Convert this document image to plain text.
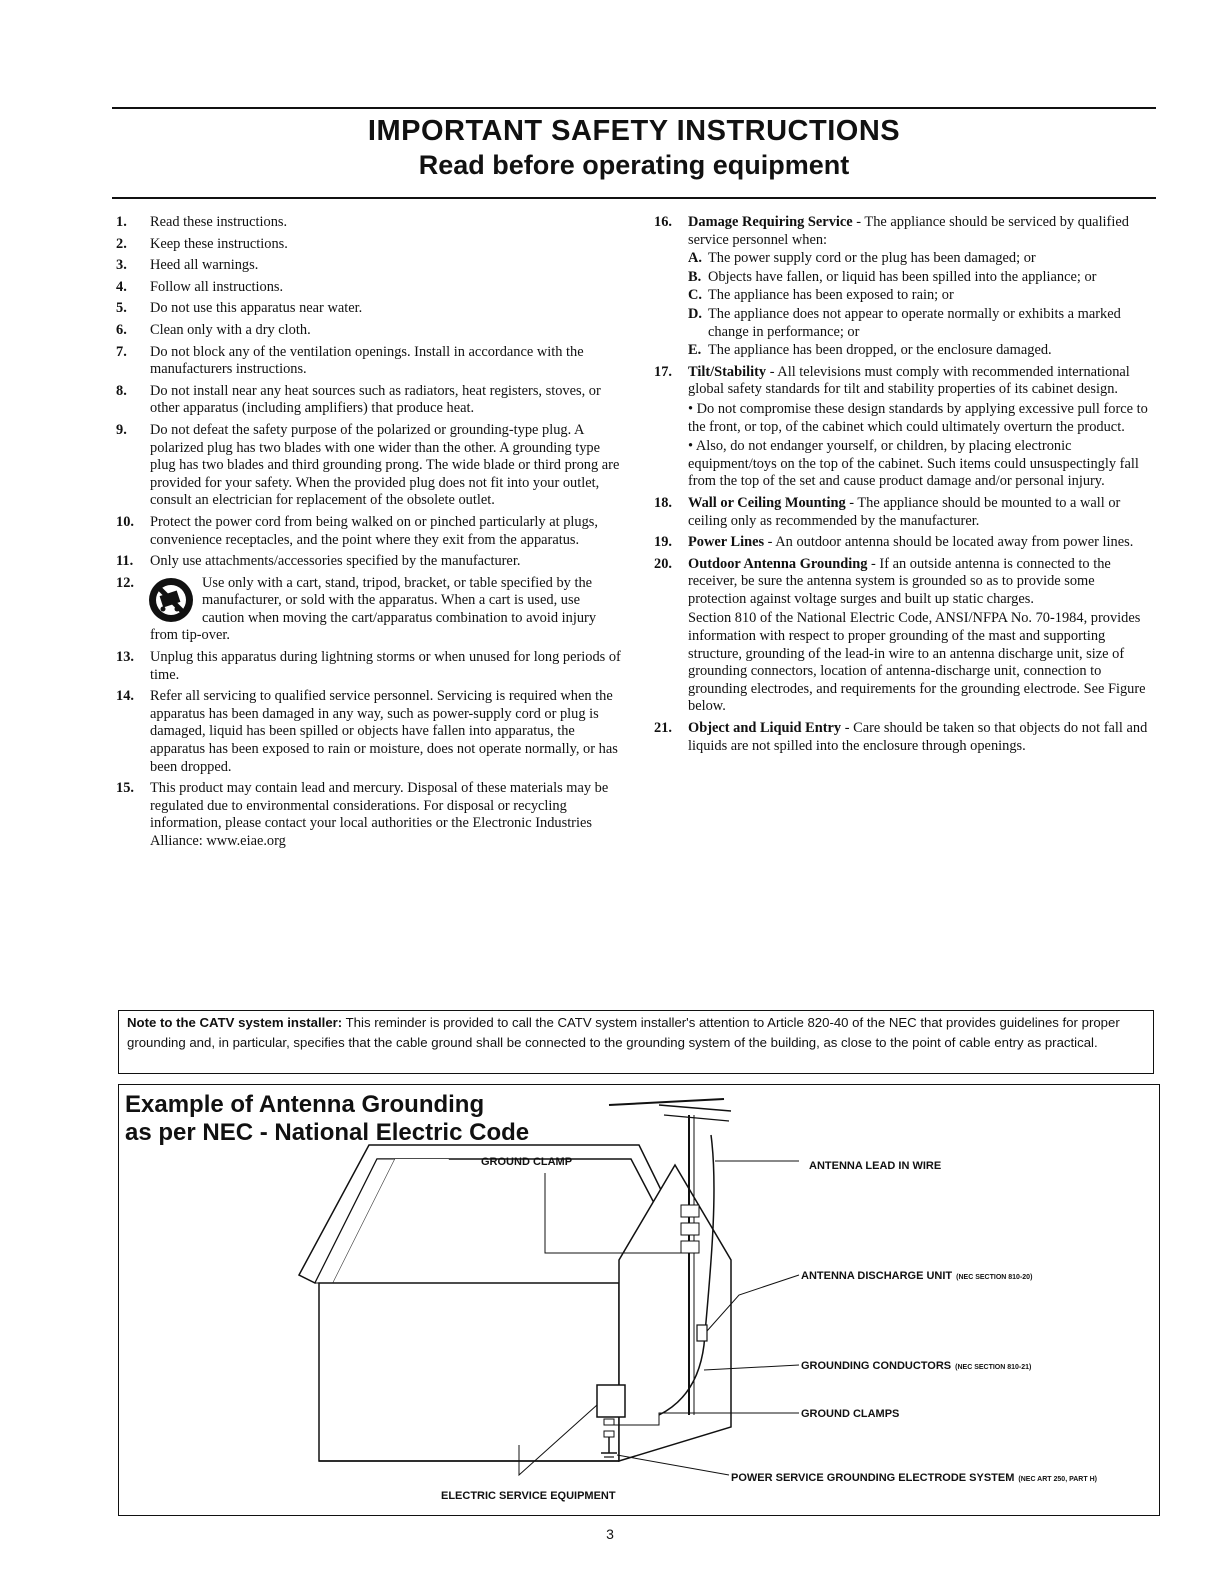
IMPORTANT SAFETY INSTRUCTIONS
Read before operating equipment
1. Read these instructions.
2. Keep these instructions.
3. Heed all warnings.
4. Follow all instructions.
5. Do not use this apparatus near water.
6. Clean only with a dry cloth.
7. Do not block any of the ventilation openings. Install in accordance with the manufacturers instructions.
8. Do not install near any heat sources such as radiators, heat registers, stoves, or other apparatus (including amplifiers) that produce heat.
9. Do not defeat the safety purpose of the polarized or grounding-type plug. A polarized plug has two blades with one wider than the other. A grounding type plug has two blades and third grounding prong. The wide blade or third prong are provided for your safety. When the provided plug does not fit into your outlet, consult an electrician for replacement of the obsolete outlet.
10. Protect the power cord from being walked on or pinched particularly at plugs, convenience receptacles, and the point where they exit from the apparatus.
11. Only use attachments/accessories specified by the manufacturer.
12.	Use only with a cart, stand, tripod, bracket, or table specified by the manufacturer, or sold with the apparatus. When a cart is used, use caution when moving the cart/apparatus combination to avoid injury from tip-over.
13. Unplug this apparatus during lightning storms or when unused for long periods of time.
14. Refer all servicing to qualified service personnel. Servicing is required when the apparatus has been damaged in any way, such as power-supply cord or plug is damaged, liquid has been spilled or objects have fallen into apparatus, the apparatus has been exposed to rain or moisture, does not operate normally, or has been dropped.
15. This product may contain lead and mercury. Disposal of these materials may be regulated due to environmental considerations. For disposal or recycling information, please contact your local authorities or the Electronic Industries Alliance: www.eiae.org
16. Damage Requiring Service - The appliance should be serviced by qualified service personnel when:
A. The power supply cord or the plug has been damaged; or
B. Objects have fallen, or liquid has been spilled into the appliance; or
C. The appliance has been exposed to rain; or
D. The appliance does not appear to operate normally or exhibits a marked change in performance; or
E. The appliance has been dropped, or the enclosure damaged.
17. Tilt/Stability - All televisions must comply with recommended international global safety standards for tilt and stability properties of its cabinet design.
• Do not compromise these design standards by applying excessive pull force to the front, or top, of the cabinet which could ultimately overturn the product.
• Also, do not endanger yourself, or children, by placing electronic equipment/toys on the top of the cabinet. Such items could unsuspectingly fall from the top of the set and cause product damage and/or personal injury.
18. Wall or Ceiling Mounting - The appliance should be mounted to a wall or ceiling only as recommended by the manufacturer.
19. Power Lines - An outdoor antenna should be located away from power lines.
20. Outdoor Antenna Grounding - If an outside antenna is connected to the receiver, be sure the antenna system is grounded so as to provide some protection against voltage surges and built up static charges.
Section 810 of the National Electric Code, ANSI/NFPA No. 70-1984, provides information with respect to proper grounding of the mast and supporting structure, grounding of the lead-in wire to an antenna discharge unit, size of grounding connectors, location of antenna-discharge unit, connection to grounding electrodes, and requirements for the grounding electrode. See Figure below.
21. Object and Liquid Entry - Care should be taken so that objects do not fall and liquids are not spilled into the enclosure through openings.
Note to the CATV system installer: This reminder is provided to call the CATV system installer's attention to Article 820-40 of the NEC that provides guidelines for proper grounding and, in particular, specifies that the cable ground shall be connected to the grounding system of the building, as close to the point of cable entry as practical.
GROUND CLAMP	ANTENNA LEAD IN WIRE
ANTENNA DISCHARGE UNIT (NEC SECTION 810-20)
GROUNDING CONDUCTORS (NEC SECTION 810-21)
GROUND CLAMPS
ELECTRIC SERVICE EQUIPMENT
POWER SERVICE GROUNDING ELECTRODE SYSTEM (NEC ART 250, PART H)
Example of Antenna Grounding
as per NEC - National Electric Code
3
